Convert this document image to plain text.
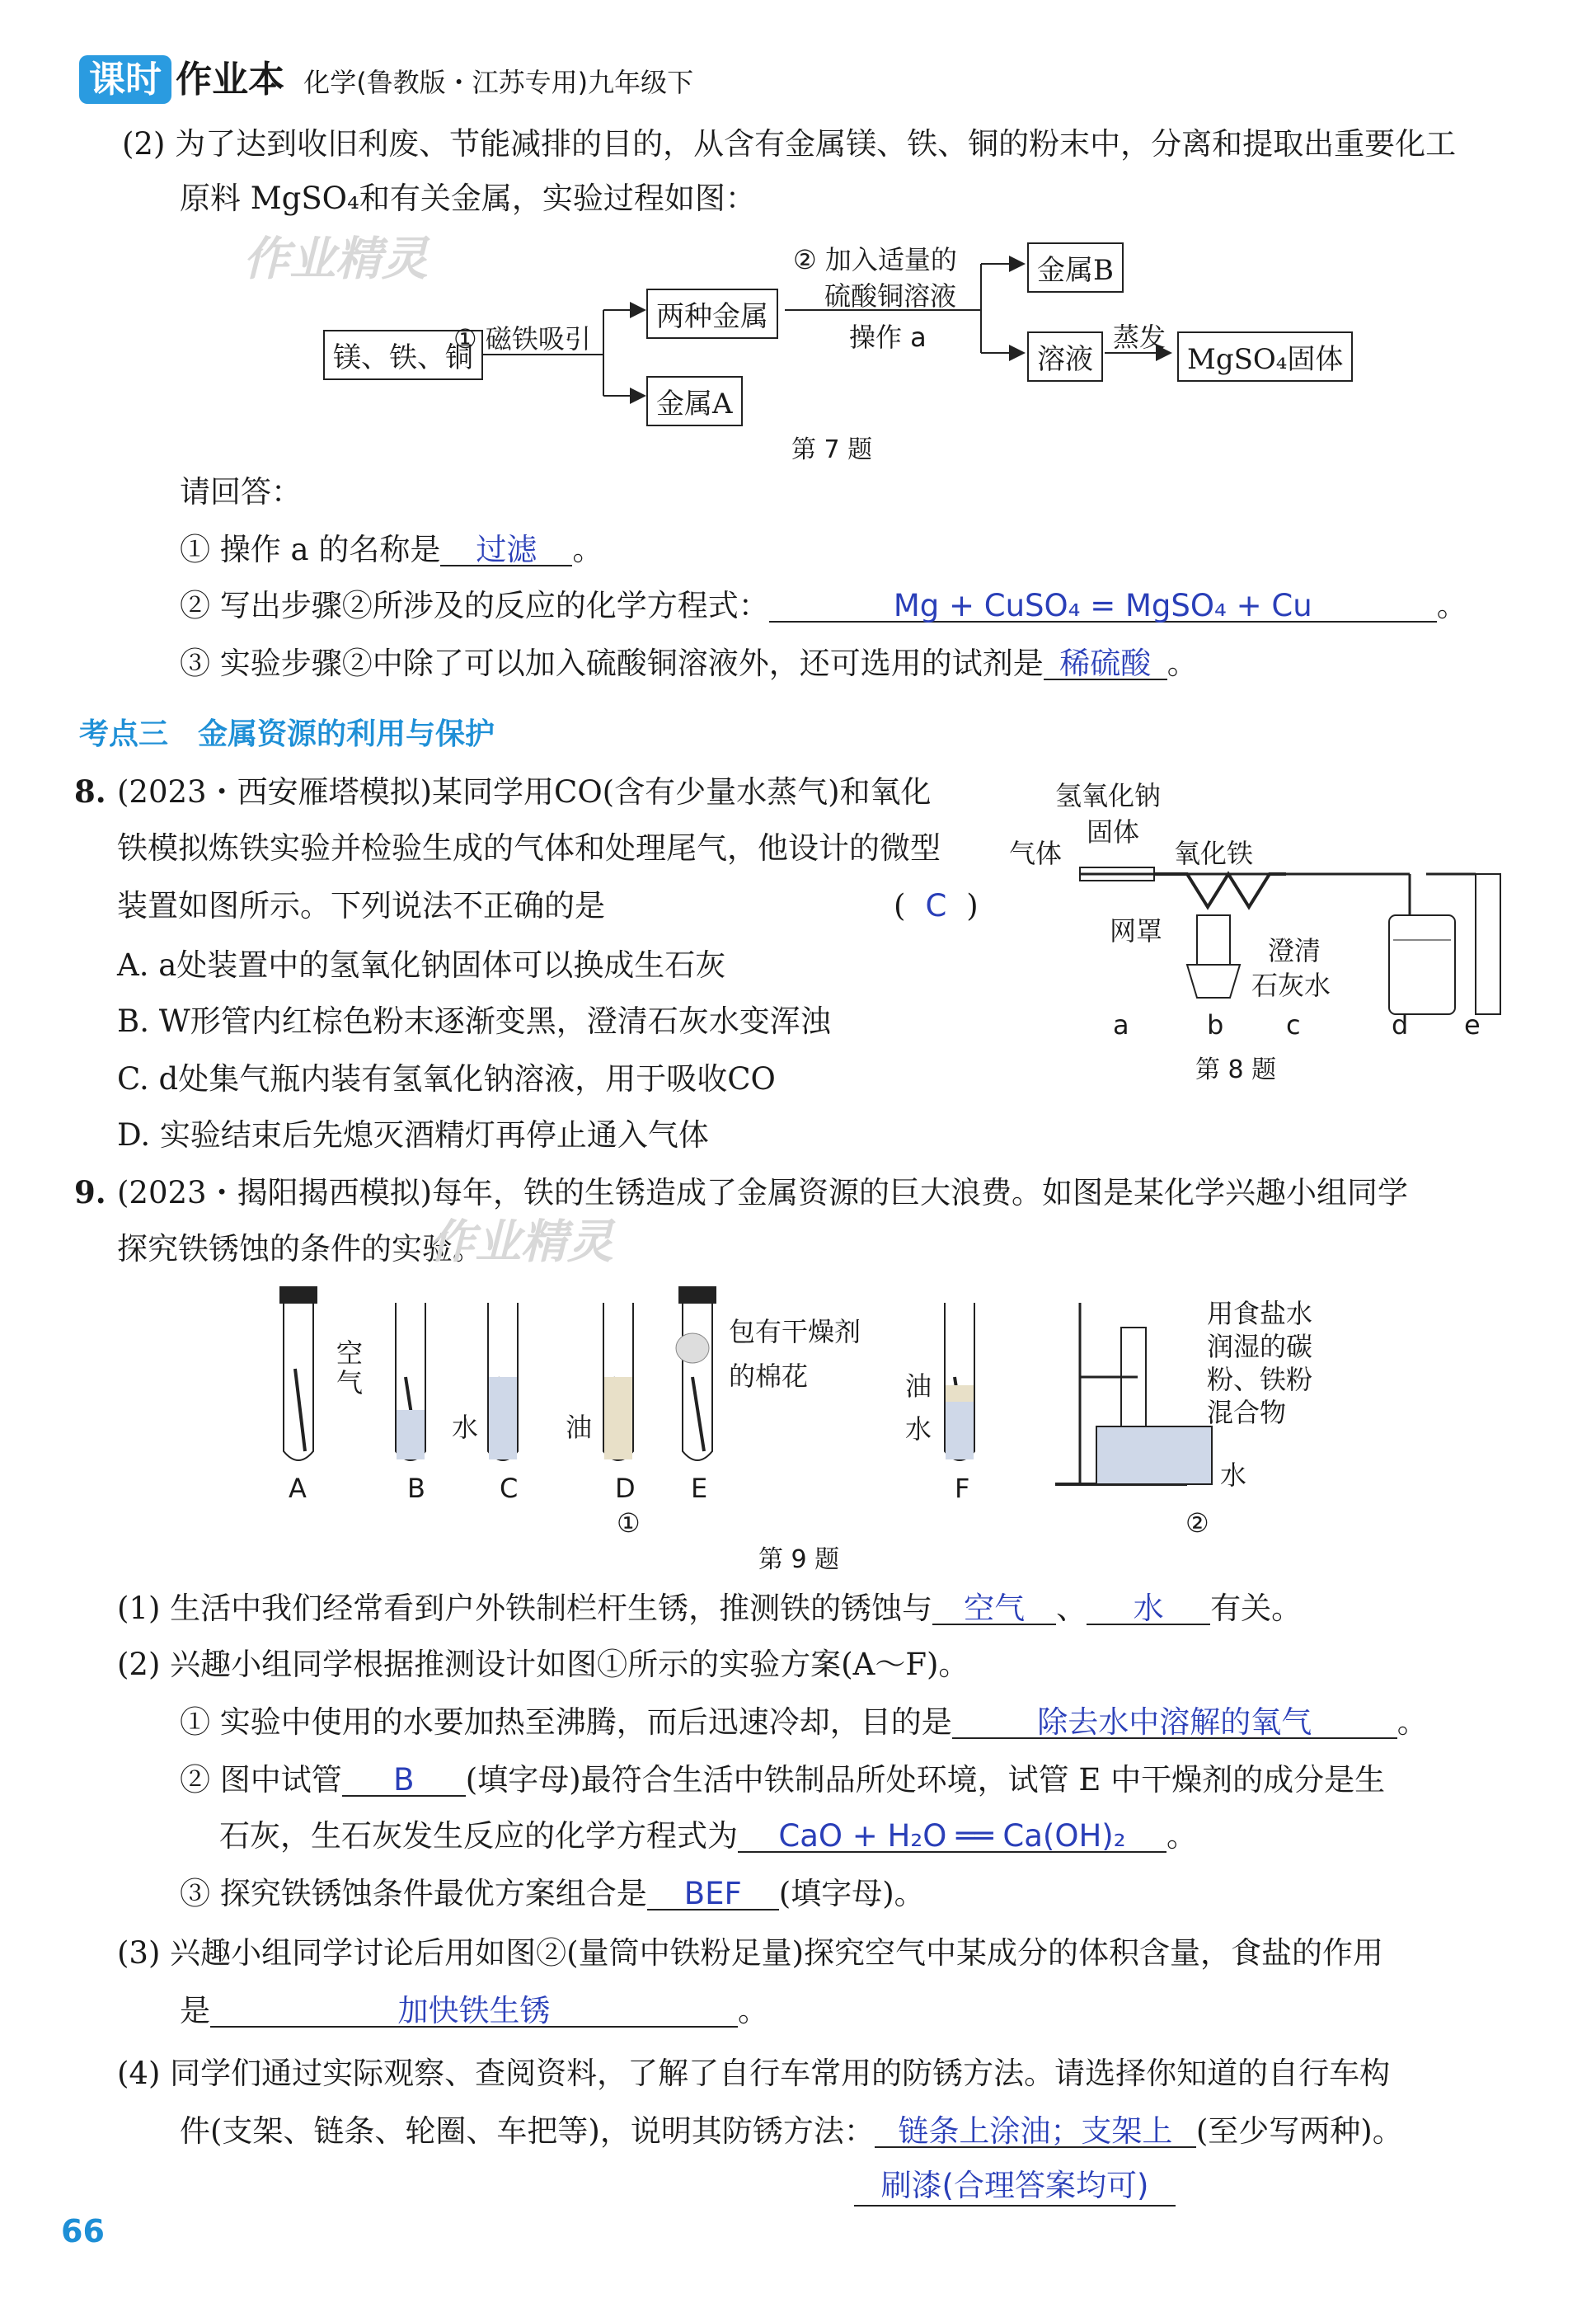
课时 作业本 化学(鲁教版・江苏专用)九年级下
(2) 为了达到收旧利废、节能减排的目的，从含有金属镁、铁、铜的粉末中，分离和提取出重要化工
原料 MgSO₄和有关金属，实验过程如图：
作业精灵
镁、铁、铜
① 磁铁吸引
两种金属
金属A
② 加入适量的
硫酸铜溶液
操作 a
金属B
溶液
蒸发
MgSO₄固体
第 7 题
请回答：
① 操作 a 的名称是 过滤 。
② 写出步骤②所涉及的反应的化学方程式：	Mg + CuSO₄ = MgSO₄ + Cu	。
③ 实验步骤②中除了可以加入硫酸铜溶液外，还可选用的试剂是 稀硫酸 。
考点三　金属资源的利用与保护
8. (2023・西安雁塔模拟)某同学用CO(含有少量水蒸气)和氧化
铁模拟炼铁实验并检验生成的气体和处理尾气，他设计的微型
装置如图所示。下列说法不正确的是	( C )
A. a处装置中的氢氧化钠固体可以换成生石灰
B. W形管内红棕色粉末逐渐变黑，澄清石灰水变浑浊
C. d处集气瓶内装有氢氧化钠溶液，用于吸收CO
D. 实验结束后先熄灭酒精灯再停止通入气体
氢氧化钠
固体
气体	氧化铁
网罩
澄清
石灰水
a	b c	d e
第 8 题
9. (2023・揭阳揭西模拟)每年，铁的生锈造成了金属资源的巨大浪费。如图是某化学兴趣小组同学
探究铁锈蚀的条件的实验。
作业精灵
空
气
水	油
包有干燥剂
的棉花	油
水
A	B	C	D E	F
①
用食盐水
润湿的碳
粉、铁粉
混合物
水
②
第 9 题
(1) 生活中我们经常看到户外铁制栏杆生锈，推测铁的锈蚀与 空气 、 水 有关。
(2) 兴趣小组同学根据推测设计如图①所示的实验方案(A～F)。
① 实验中使用的水要加热至沸腾，而后迅速冷却，目的是	除去水中溶解的氧气	。
② 图中试管 B (填字母)最符合生活中铁制品所处环境，试管 E 中干燥剂的成分是生
石灰，生石灰发生反应的化学方程式为 CaO + H₂O ══ Ca(OH)₂ 。
③ 探究铁锈蚀条件最优方案组合是 BEF (填字母)。
(3) 兴趣小组同学讨论后用如图②(量筒中铁粉足量)探究空气中某成分的体积含量，食盐的作用
是	加快铁生锈	。
(4) 同学们通过实际观察、查阅资料，了解了自行车常用的防锈方法。请选择你知道的自行车构
件(支架、链条、轮圈、车把等)，说明其防锈方法： 链条上涂油；支架上 (至少写两种)。
刷漆(合理答案均可)
66
